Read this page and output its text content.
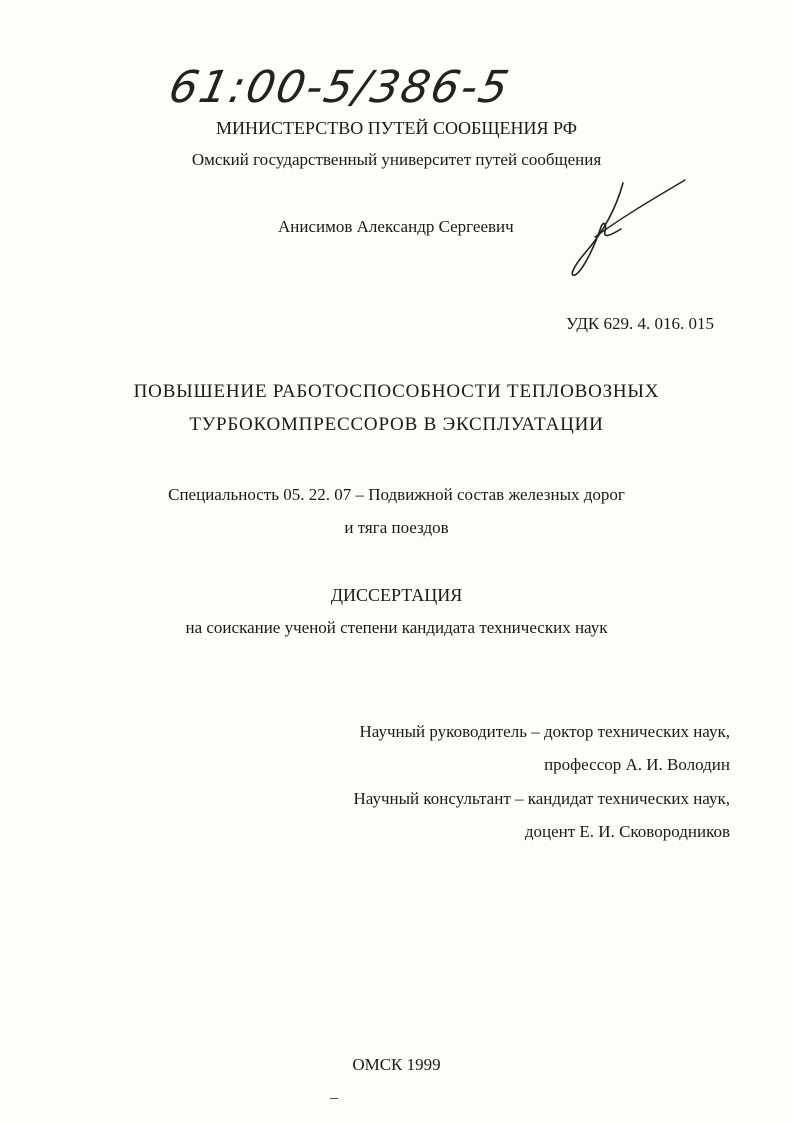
61:00-5/386-5
МИНИСТЕРСТВО ПУТЕЙ СООБЩЕНИЯ РФ
Омский государственный университет путей сообщения
Анисимов Александр Сергеевич
УДК 629. 4. 016. 015
ПОВЫШЕНИЕ РАБОТОСПОСОБНОСТИ ТЕПЛОВОЗНЫХ
ТУРБОКОМПРЕССОРОВ В ЭКСПЛУАТАЦИИ
Специальность 05. 22. 07 – Подвижной состав железных дорог
и тяга поездов
ДИССЕРТАЦИЯ
на соискание ученой степени кандидата технических наук
Научный руководитель – доктор технических наук,
профессор А. И. Володин
Научный консультант – кандидат технических наук,
доцент Е. И. Сковородников
ОМСК 1999
